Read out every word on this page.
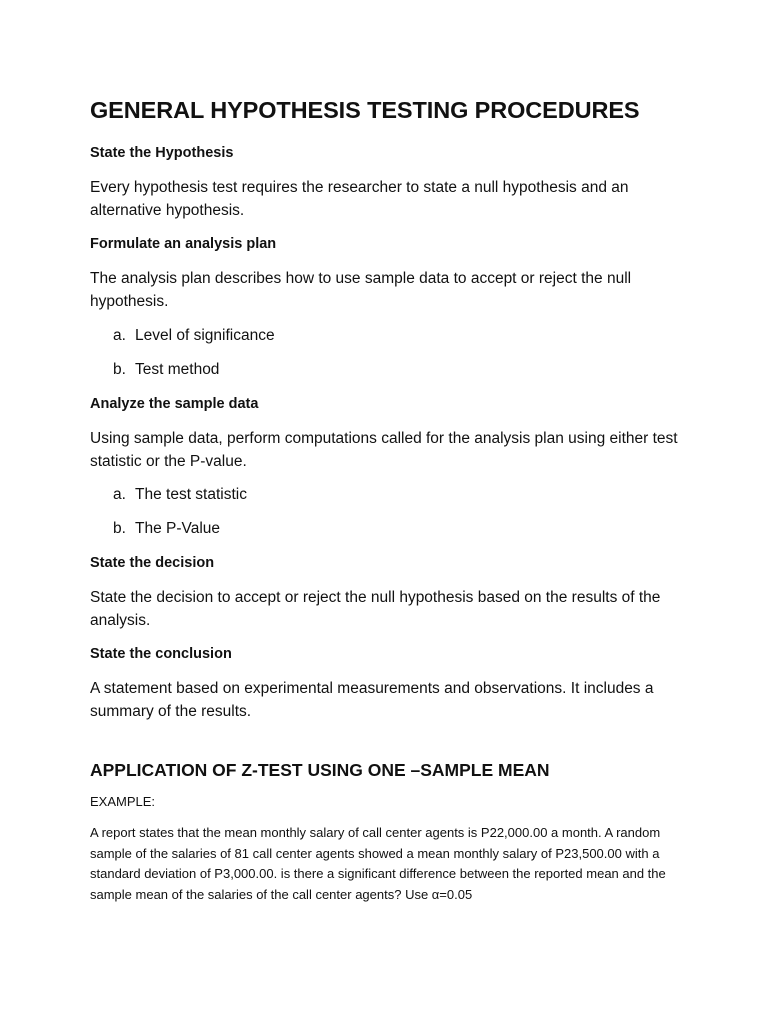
GENERAL HYPOTHESIS TESTING PROCEDURES

State the Hypothesis

Every hypothesis test requires the researcher to state a null hypothesis and an alternative hypothesis.

Formulate an analysis plan

The analysis plan describes how to use sample data to accept or reject the null hypothesis.

a. Level of significance
b. Test method

Analyze the sample data

Using sample data, perform computations called for the analysis plan using either test statistic or the P-value.

a. The test statistic
b. The P-Value

State the decision

State the decision to accept or reject the null hypothesis based on the results of the analysis.

State the conclusion

A statement based on experimental measurements and observations. It includes a summary of the results.

APPLICATION OF Z-TEST USING ONE –SAMPLE MEAN

EXAMPLE:

A report states that the mean monthly salary of call center agents is P22,000.00 a month. A random sample of the salaries of 81 call center agents showed a mean monthly salary of P23,500.00 with a standard deviation of P3,000.00. is there a significant difference between the reported mean and the sample mean of the salaries of the call center agents? Use α=0.05
